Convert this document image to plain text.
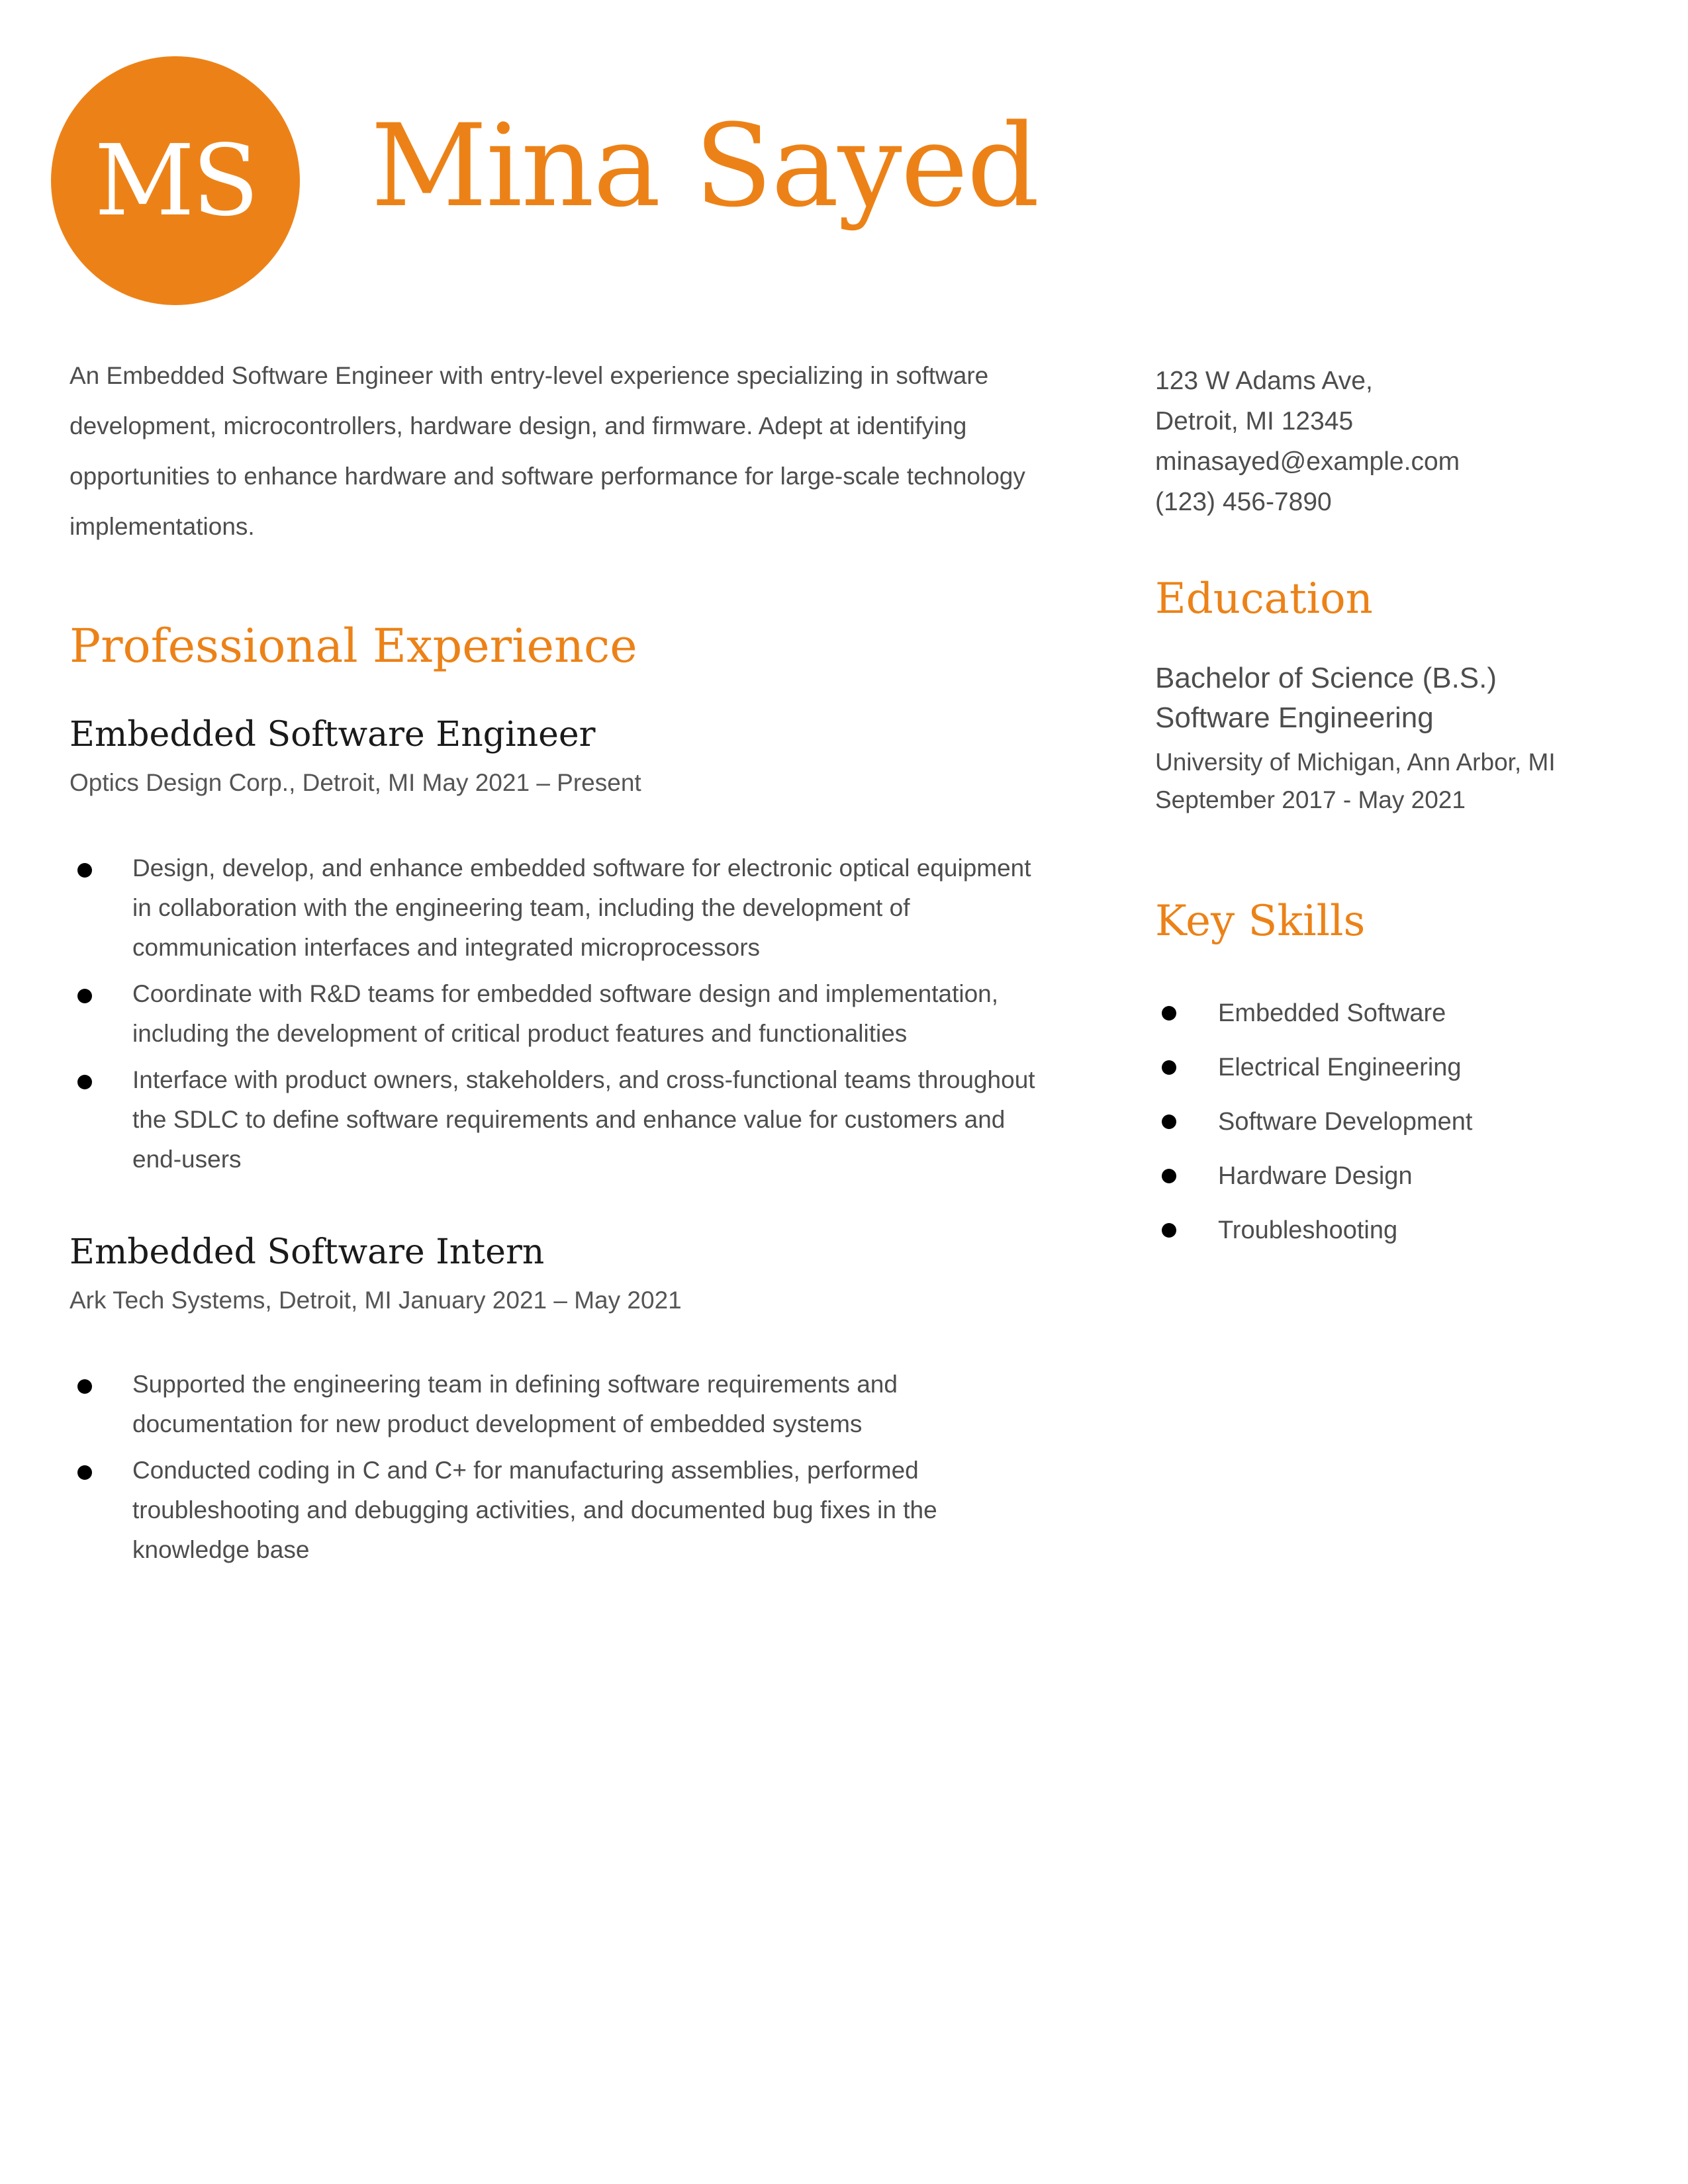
MS Mina Sayed

An Embedded Software Engineer with entry-level experience specializing in software development, microcontrollers, hardware design, and firmware. Adept at identifying opportunities to enhance hardware and software performance for large-scale technology implementations.

Professional Experience
Embedded Software Engineer

Optics Design Corp., Detroit, MI May 2021 – Present

Design, develop, and enhance embedded software for electronic optical equipment in collaboration with the engineering team, including the development of communication interfaces and integrated microprocessors
Coordinate with R&D teams for embedded software design and implementation, including the development of critical product features and functionalities
Interface with product owners, stakeholders, and cross-functional teams throughout the SDLC to define software requirements and enhance value for customers and end-users
Embedded Software Intern

Ark Tech Systems, Detroit, MI January 2021 – May 2021

Supported the engineering team in defining software requirements and documentation for new product development of embedded systems
Conducted coding in C and C+ for manufacturing assemblies, performed troubleshooting and debugging activities, and documented bug fixes in the knowledge base
123 W Adams Ave,
Detroit, MI 12345
minasayed@example.com
(123) 456-7890
Education
Bachelor of Science (B.S.)
Software Engineering
University of Michigan, Ann Arbor, MI
September 2017 - May 2021
Key Skills
Embedded Software
Electrical Engineering
Software Development
Hardware Design
Troubleshooting
